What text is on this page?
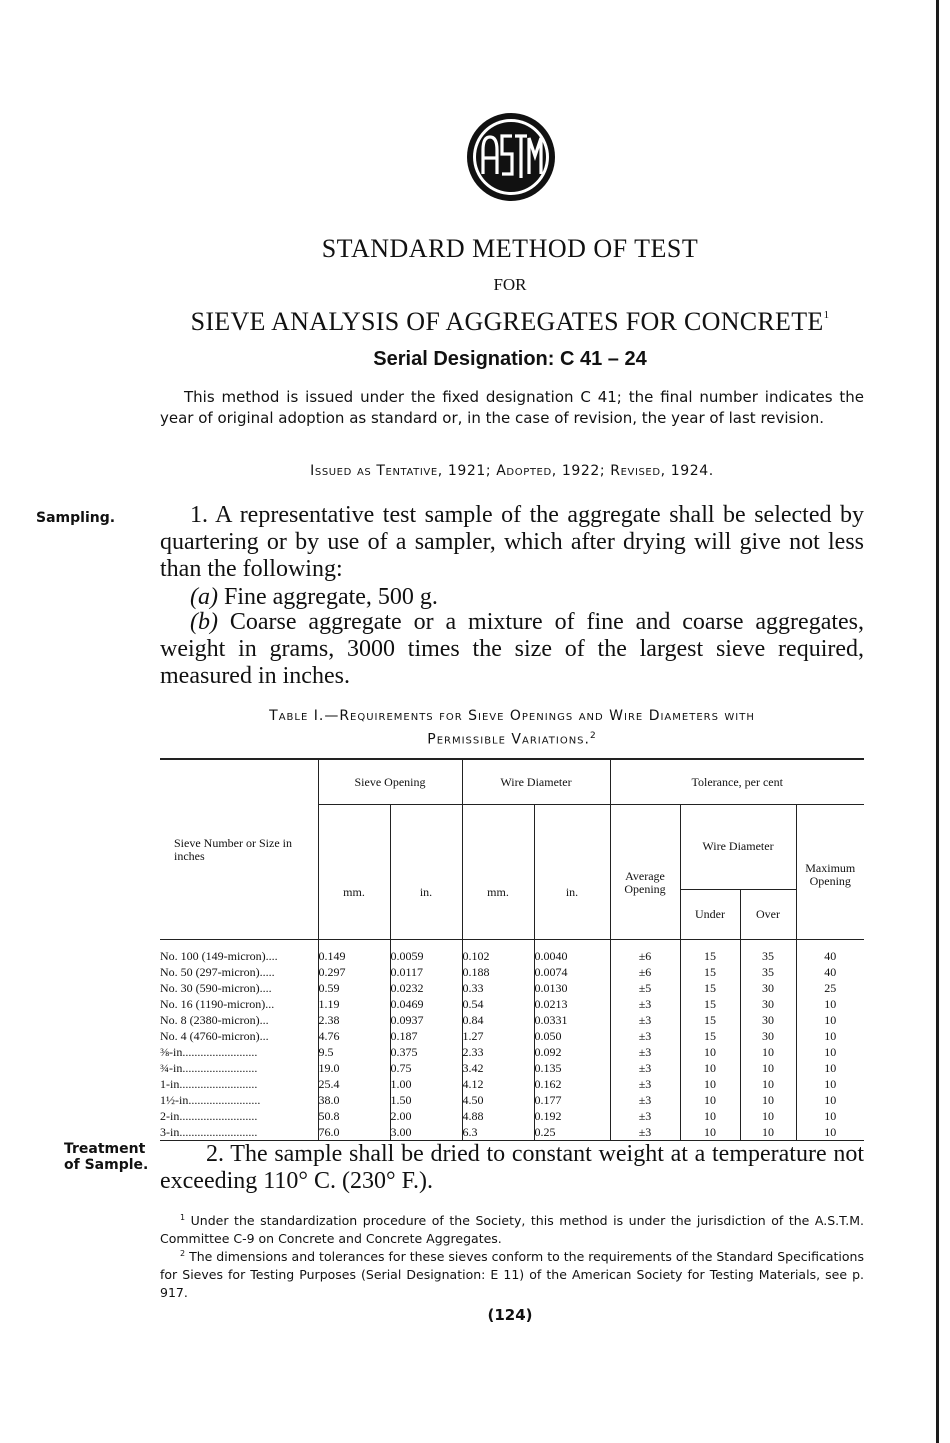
STANDARD METHOD OF TEST
FOR
SIEVE ANALYSIS OF AGGREGATES FOR CONCRETE$^1$
Serial Designation: C 41 – 24
This method is issued under the fixed designation C 41; the final number indicates the year of original adoption as standard or, in the case of revision, the year of last revision.
Issued as Tentative, 1921; Adopted, 1922; Revised, 1924.
Sampling.	1. A representative test sample of the aggregate shall be selected by quartering or by use of a sampler, which after drying will give not less than the following:
(a) Fine aggregate, 500 g.
(b) Coarse aggregate or a mixture of fine and coarse aggregates, weight in grams, 3000 times the size of the largest sieve required, measured in inches.
Table I.—Requirements for Sieve Openings and Wire Diameters with
Permissible Variations.$^2$
Sieve Number or Size in inches	Sieve Opening		Wire Diameter		Tolerance, per cent			
	mm.	in.	mm.	in.	Average Opening	Wire Diameter		Maximum Opening
						Under	Over	
No. 100 (149-micron)....	0.149	0.0059	0.102	0.0040	±6	15	35	40
No. 50 (297-micron).....	0.297	0.0117	0.188	0.0074	±6	15	35	40
No. 30 (590-micron)....	0.59	0.0232	0.33	0.0130	±5	15	30	25
No. 16 (1190-micron)...	1.19	0.0469	0.54	0.0213	±3	15	30	10
No. 8 (2380-micron)...	2.38	0.0937	0.84	0.0331	±3	15	30	10
No. 4 (4760-micron)...	4.76	0.187	1.27	0.050	±3	15	30	10
⅜-in.........................	9.5	0.375	2.33	0.092	±3	10	10	10
¾-in.........................	19.0	0.75	3.42	0.135	±3	10	10	10
1-in..........................	25.4	1.00	4.12	0.162	±3	10	10	10
1½-in........................	38.0	1.50	4.50	0.177	±3	10	10	10
2-in..........................	50.8	2.00	4.88	0.192	±3	10	10	10
3-in..........................	76.0	3.00	6.3	0.25	±3	10	10	10
Treatment
of Sample.	2. The sample shall be dried to constant weight at a temperature not exceeding 110° C. (230° F.).
$^1$ Under the standardization procedure of the Society, this method is under the jurisdiction of the A.S.T.M. Committee C-9 on Concrete and Concrete Aggregates.
$^2$ The dimensions and tolerances for these sieves conform to the requirements of the Standard Specifications for Sieves for Testing Purposes (Serial Designation: E 11) of the American Society for Testing Materials, see p. 917.
(124)
